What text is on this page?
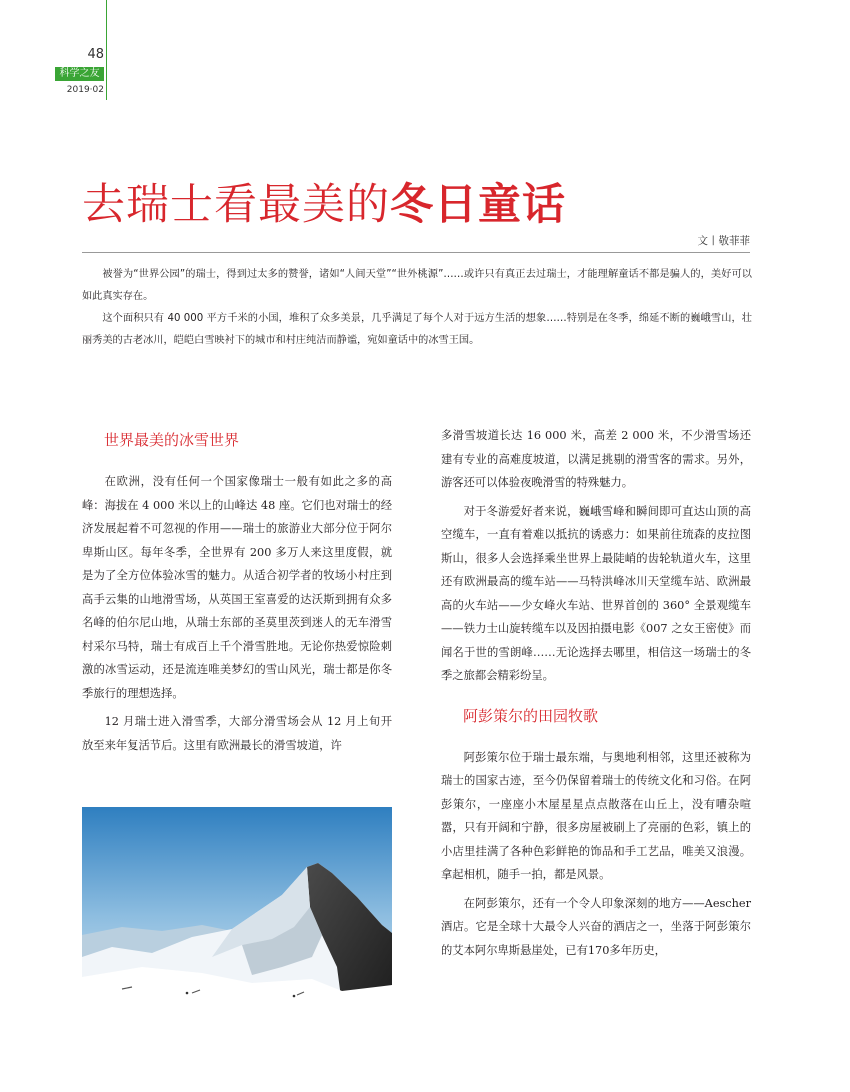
48
科学之友
2019·02
去瑞士看最美的冬日童话
文丨敬菲菲

被誉为“世界公园”的瑞士，得到过太多的赞誉，诸如“人间天堂”“世外桃源”……或许只有真正去过瑞士，才能理解童话不都是骗人的，美好可以如此真实存在。

这个面积只有 40 000 平方千米的小国，堆积了众多美景，几乎满足了每个人对于远方生活的想象……特别是在冬季，绵延不断的巍峨雪山，壮丽秀美的古老冰川，皑皑白雪映衬下的城市和村庄纯洁而静谧，宛如童话中的冰雪王国。

世界最美的冰雪世界

在欧洲，没有任何一个国家像瑞士一般有如此之多的高峰：海拔在 4 000 米以上的山峰达 48 座。它们也对瑞士的经济发展起着不可忽视的作用——瑞士的旅游业大部分位于阿尔卑斯山区。每年冬季，全世界有 200 多万人来这里度假，就是为了全方位体验冰雪的魅力。从适合初学者的牧场小村庄到高手云集的山地滑雪场，从英国王室喜爱的达沃斯到拥有众多名峰的伯尔尼山地，从瑞士东部的圣莫里茨到迷人的无车滑雪村采尔马特，瑞士有成百上千个滑雪胜地。无论你热爱惊险刺激的冰雪运动，还是流连唯美梦幻的雪山风光，瑞士都是你冬季旅行的理想选择。

12 月瑞士进入滑雪季，大部分滑雪场会从 12 月上旬开放至来年复活节后。这里有欧洲最长的滑雪坡道，许

多滑雪坡道长达 16 000 米，高差 2 000 米，不少滑雪场还建有专业的高难度坡道，以满足挑剔的滑雪客的需求。另外，游客还可以体验夜晚滑雪的特殊魅力。

对于冬游爱好者来说，巍峨雪峰和瞬间即可直达山顶的高空缆车，一直有着难以抵抗的诱惑力：如果前往琉森的皮拉图斯山，很多人会选择乘坐世界上最陡峭的齿轮轨道火车，这里还有欧洲最高的缆车站——马特洪峰冰川天堂缆车站、欧洲最高的火车站——少女峰火车站、世界首创的 360° 全景观缆车——铁力士山旋转缆车以及因拍摄电影《007 之女王密使》而闻名于世的雪朗峰……无论选择去哪里，相信这一场瑞士的冬季之旅都会精彩纷呈。

阿彭策尔的田园牧歌

阿彭策尔位于瑞士最东端，与奥地利相邻，这里还被称为瑞士的国家古迹，至今仍保留着瑞士的传统文化和习俗。在阿彭策尔，一座座小木屋星星点点散落在山丘上，没有嘈杂喧嚣，只有开阔和宁静，很多房屋被刷上了亮丽的色彩，镇上的小店里挂满了各种色彩鲜艳的饰品和手工艺品，唯美又浪漫。拿起相机，随手一拍，都是风景。

在阿彭策尔，还有一个令人印象深刻的地方——Aescher 酒店。它是全球十大最令人兴奋的酒店之一，坐落于阿彭策尔的艾本阿尔卑斯悬崖处，已有170多年历史，
